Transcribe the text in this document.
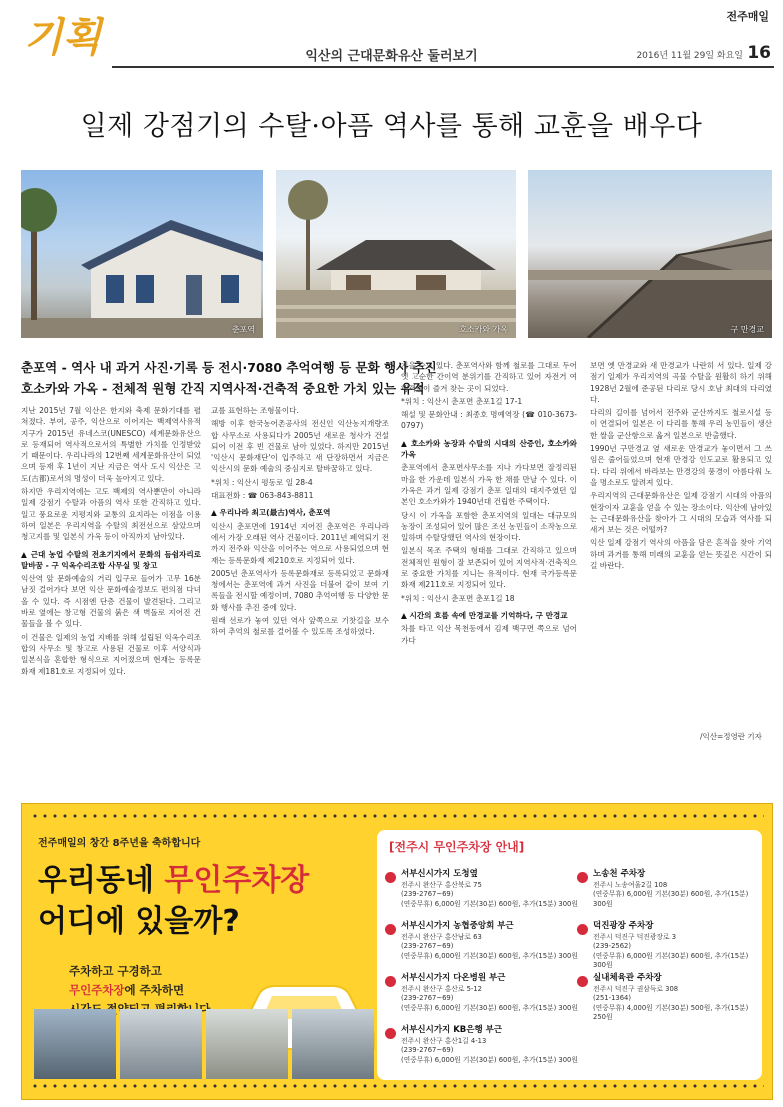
기획	익산의 근대문화유산 둘러보기
전주매일
2016년 11월 29일 화요일 16
일제 강점기의 수탈·아픔 역사를 통해 교훈을 배우다
춘포역	호소카와 가옥	구 만경교
춘포역 - 역사 내 과거 사진·기록 등 전시·7080 추억여행 등 문화 행사 추진
호소카와 가옥 - 전체적 원형 간직 지역사적·건축적 중요한 가치 있는 유적

지난 2015년 7월 익산은 한지와 축제 문화기대를 펼쳐졌다. 부여, 공주, 익산으로 이어지는 백제역사유적지구가 2015년 유네스코(UNESCO) 세계문화유산으로 등재되어 역사적으로서의 특별한 가치를 인정받았기 때문이다. 우리나라의 12번째 세계문화유산이 되었으며 등재 후 1년이 지난 지금은 역사 도시 익산은 고도(古都)로서의 명성이 더욱 높아지고 있다.

하지만 우리지역에는 고도 백제의 역사뿐만이 아니라 일제 강점기 수탈과 아픔의 역사 또한 간직하고 있다. 일고 풍요로운 지평지와 교통의 요지라는 이점을 이용하여 일본은 우리지역을 수탈의 최전선으로 삼았으며 청고지를 및 일본식 가옥 등이 아직까지 남아있다.

▲ 근대 농업 수탈의 전초기지에서 문화의 듬쉼자리로 탈바꿈 - 구 익옥수리조합 사무실 및 창고

익산역 앞 문화예술의 거리 입구로 들어가 고무 16분 남짓 걸어가다 보면 익산 문화예술정보도 편의점 다녀올 수 있다. 즉 시점엔 단층 건물이 발견된다. 그리고 바로 옆에는 창고형 건물의 붉은 색 벽돌로 지어진 건물들을 볼 수 있다.

이 건물은 일제의 농업 지배를 위해 설립된 익옥수리조합의 사무소 및 창고로 사용된 건물로 이후 서양식과 일본식을 혼합한 형식으로 지어졌으며 현재는 등록문화재 제181호로 지정되어 있다.

교를 표현하는 조형물이다.

해방 이후 한국농어촌공사의 전신인 익산농지개량조합 사무소로 사용되다가 2005년 새로운 청사가 건설되어 이전 후 빈 건물로 남아 있었다. 하지만 2015년 '익산시 문화재단'이 입주하고 새 단장하면서 지금은 익산시의 문화 예술의 중심지로 탈바꿈하고 있다.

*위치 : 익산시 평동로 일 28-4

대표전화 : ☎ 063-843-8811

▲ 우리나라 최고(最古)역사, 춘포역

익산시 춘포면에 1914년 지어진 춘포역은 우리나라에서 가장 오래된 역사 건물이다. 2011년 폐역되기 전까지 전주와 익산을 이어주는 역으로 사용되었으며 현재는 등록문화재 제210호로 지정되어 있다.

2005년 춘포역사가 등록문화재로 등록되었고 문화재청에서는 춘포역에 과거 사진을 더불어 같이 보여 기록들을 전시할 예정이며, 7080 추억여행 등 다양한 문화 행사를 추진 중에 있다.

원래 선로가 놓여 있던 역사 앞쪽으로 기찻길을 보수하여 추억의 철로를 걸어볼 수 있도록 조성하였다.

지을 수도 있다. 춘포역사와 함께 철로를 그대로 두어 옛 고순한 간이역 분위기를 간직하고 있어 자전거 여행객들이 즐겨 찾는 곳이 되었다.

*위치 : 익산시 춘포면 춘포1길 17-1

해설 및 문화안내 : 최종호 명예역장 (☎ 010-3673-0797)

▲ 호소카와 농장과 수탈의 시대의 산증인, 호소카와 가옥

춘포역에서 춘포면사무소를 지나 가다보면 잘정리된 마을 한 가운데 일본식 가옥 한 채를 만날 수 있다. 이 가옥은 과거 일제 강점기 춘포 일대의 대지주였던 일본인 호소카와가 1940년대 건립한 주택이다.

당시 이 가옥을 포함한 춘포지역의 일대는 대규모의 농장이 조성되어 있어 많은 조선 농민들이 소작농으로 일하며 수탈당했던 역사의 현장이다.

일본식 목조 주택의 형태를 그대로 간직하고 있으며 전체적인 원형이 잘 보존되어 있어 지역사적·건축적으로 중요한 가치를 지니는 유적이다. 현재 국가등록문화재 제211호로 지정되어 있다.

*위치 : 익산시 춘포면 춘포1길 18

▲ 시간의 흐름 속에 만경교를 기억하다, 구 만경교

차를 타고 익산 목천동에서 김제 백구면 쪽으로 넘어가다

보면 옛 만경교와 새 만경교가 나란히 서 있다. 일제 강점기 일제가 우리지역의 곡물 수탈을 원활히 하기 위해 1928년 2월에 준공된 다리로 당시 호남 최대의 다리였다.

다리의 길이를 넘어서 전주와 군산까지도 철로시설 등이 연결되어 일본은 이 다리를 통해 우리 농민들이 생산한 쌀을 군산항으로 옮겨 일본으로 반출했다.

1990년 구만경교 옆 새로운 만경교가 놓이면서 그 쓰임은 줄어들었으며 현재 만경강 인도교로 활용되고 있다. 다리 위에서 바라보는 만경강의 풍경이 아름다워 노을 명소로도 알려져 있다.

우리지역의 근대문화유산은 일제 강점기 시대의 아픔의 현장이자 교훈을 얻을 수 있는 장소이다. 익산에 남아있는 근대문화유산을 찾아가 그 시대의 모습과 역사를 되새겨 보는 것은 어떨까?

익산 일제 강점기 역사의 아픔을 담은 흔적을 찾아 기억하며 과거를 통해 미래의 교훈을 얻는 뜻깊은 시간이 되길 바란다.

/익산=정영란 기자
전주매일의 창간 8주년을 축하합니다
우리동네 무인주차장
어디에 있을까?
주차하고 구경하고
무인주차장에 주차하면
[전주시 무인주차장 안내]
서부신시가지 도청옆
전주시 완산구 홍산북로 75
(239-2767~69)
(연중무휴) 6,000원 기본(30분) 600원, 추가(15분) 300원
서부신시가지 농협중앙회 부근
전주시 완산구 홍산남로 63
(239-2767~69)
(연중무휴) 6,000원 기본(30분) 600원, 추가(15분) 300원
서부신시가지 다온병원 부근
전주시 완산구 홍산로 5-12
(239-2767~69)
(연중무휴) 6,000원 기본(30분) 600원, 추가(15분) 300원
서부신시가지 KB은행 부근
전주시 완산구 홍산1길 4-13
(239-2767~69)
(연중무휴) 6,000원 기본(30분) 600원, 추가(15분) 300원
노송천 주차장
전주시 노송여울2길 108
(연중무휴) 6,000원 기본(30분) 600원, 추가(15분) 300원
덕진광장 주차장
전주시 덕진구 덕진광장로 3
(239-2562)
(연중무휴) 6,000원 기본(30분) 600원, 추가(15분) 300원
실내체육관 주차장
전주시 덕진구 권삼득로 308
(251-1364)
(연중무휴) 4,000원 기본(30분) 500원, 추가(15분) 250원
